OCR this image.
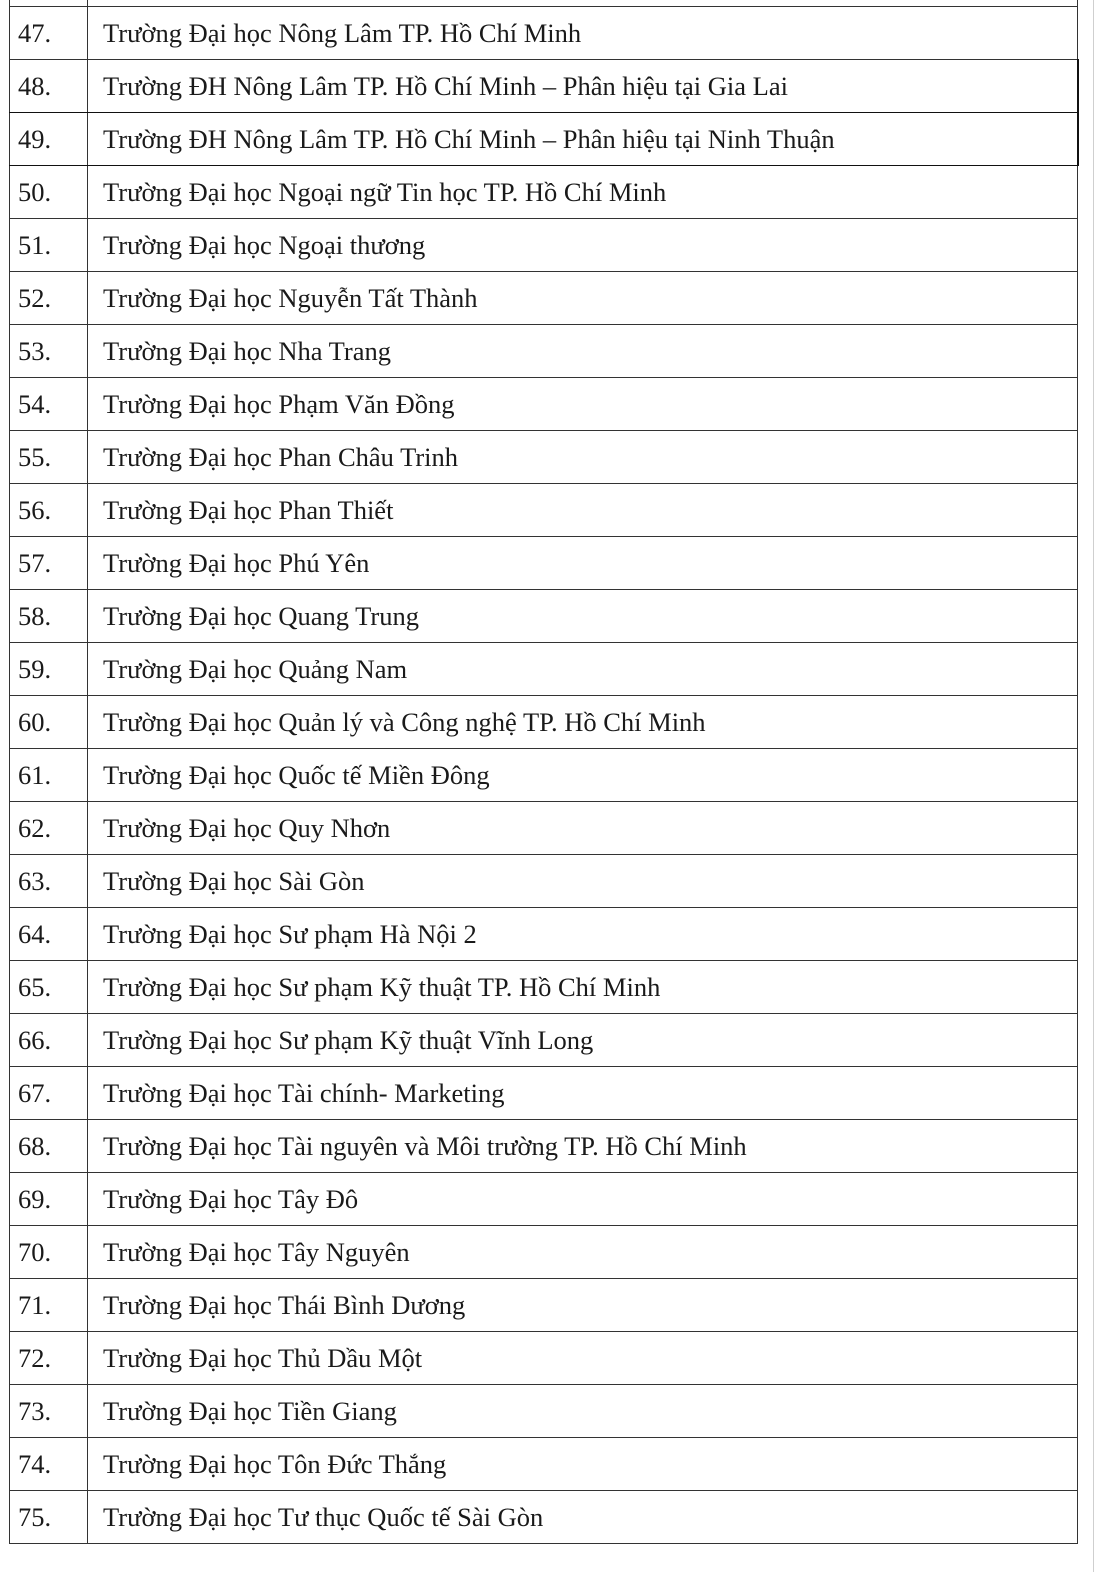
47.	Trường Đại học Nông Lâm TP. Hồ Chí Minh
48.	Trường ĐH Nông Lâm TP. Hồ Chí Minh – Phân hiệu tại Gia Lai
49.	Trường ĐH Nông Lâm TP. Hồ Chí Minh – Phân hiệu tại Ninh Thuận
50.	Trường Đại học Ngoại ngữ Tin học TP. Hồ Chí Minh
51.	Trường Đại học Ngoại thương
52.	Trường Đại học Nguyễn Tất Thành
53.	Trường Đại học Nha Trang
54.	Trường Đại học Phạm Văn Đồng
55.	Trường Đại học Phan Châu Trinh
56.	Trường Đại học Phan Thiết
57.	Trường Đại học Phú Yên
58.	Trường Đại học Quang Trung
59.	Trường Đại học Quảng Nam
60.	Trường Đại học Quản lý và Công nghệ TP. Hồ Chí Minh
61.	Trường Đại học Quốc tế Miền Đông
62.	Trường Đại học Quy Nhơn
63.	Trường Đại học Sài Gòn
64.	Trường Đại học Sư phạm Hà Nội 2
65.	Trường Đại học Sư phạm Kỹ thuật TP. Hồ Chí Minh
66.	Trường Đại học Sư phạm Kỹ thuật Vĩnh Long
67.	Trường Đại học Tài chính- Marketing
68.	Trường Đại học Tài nguyên và Môi trường TP. Hồ Chí Minh
69.	Trường Đại học Tây Đô
70.	Trường Đại học Tây Nguyên
71.	Trường Đại học Thái Bình Dương
72.	Trường Đại học Thủ Dầu Một
73.	Trường Đại học Tiền Giang
74.	Trường Đại học Tôn Đức Thắng
75.	Trường Đại học Tư thục Quốc tế Sài Gòn
